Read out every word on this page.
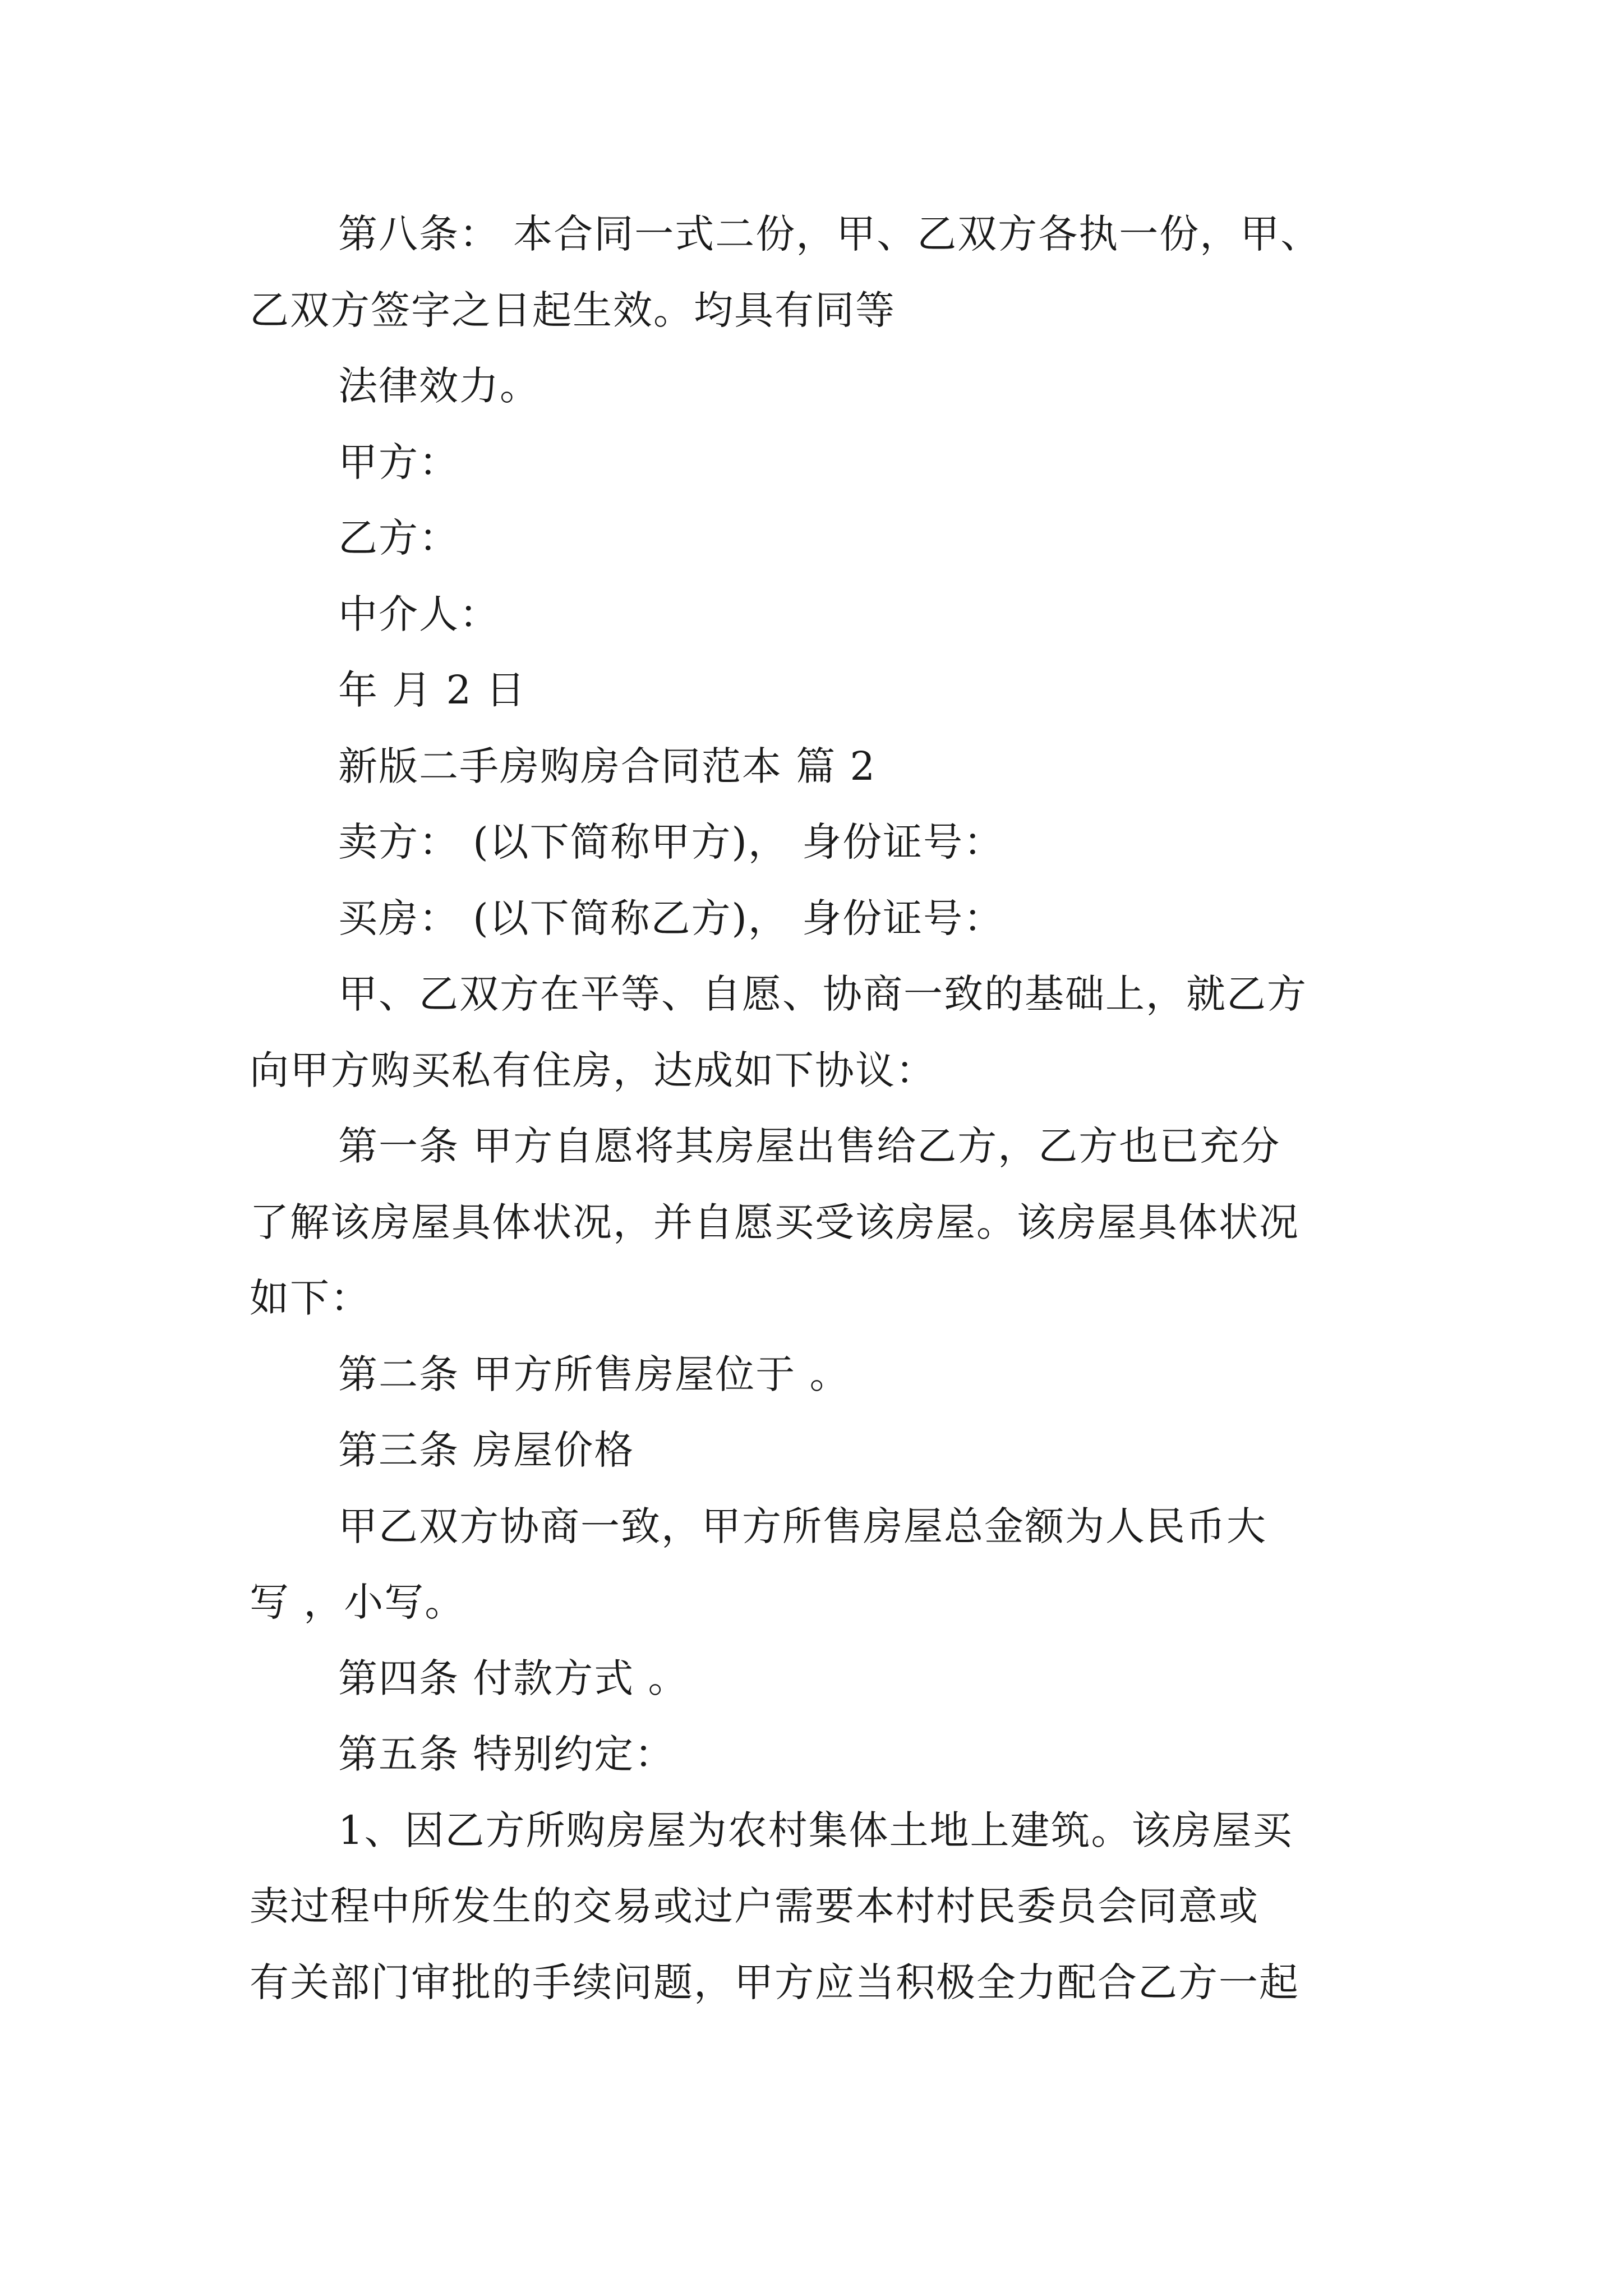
第八条： 本合同一式二份，甲、乙双方各执一份，甲、
乙双方签字之日起生效。均具有同等
法律效力。
甲方：
乙方：
中介人：
年 月 2 日
新版二手房购房合同范本 篇 2
卖方： (以下简称甲方)， 身份证号：
买房： (以下简称乙方)， 身份证号：
甲、乙双方在平等、自愿、协商一致的基础上，就乙方
向甲方购买私有住房，达成如下协议：
第一条 甲方自愿将其房屋出售给乙方，乙方也已充分
了解该房屋具体状况，并自愿买受该房屋。该房屋具体状况
如下：
第二条 甲方所售房屋位于 。
第三条 房屋价格
甲乙双方协商一致，甲方所售房屋总金额为人民币大
写 ，小写。
第四条 付款方式 。
第五条 特别约定：
1、因乙方所购房屋为农村集体土地上建筑。该房屋买
卖过程中所发生的交易或过户需要本村村民委员会同意或
有关部门审批的手续问题，甲方应当积极全力配合乙方一起
